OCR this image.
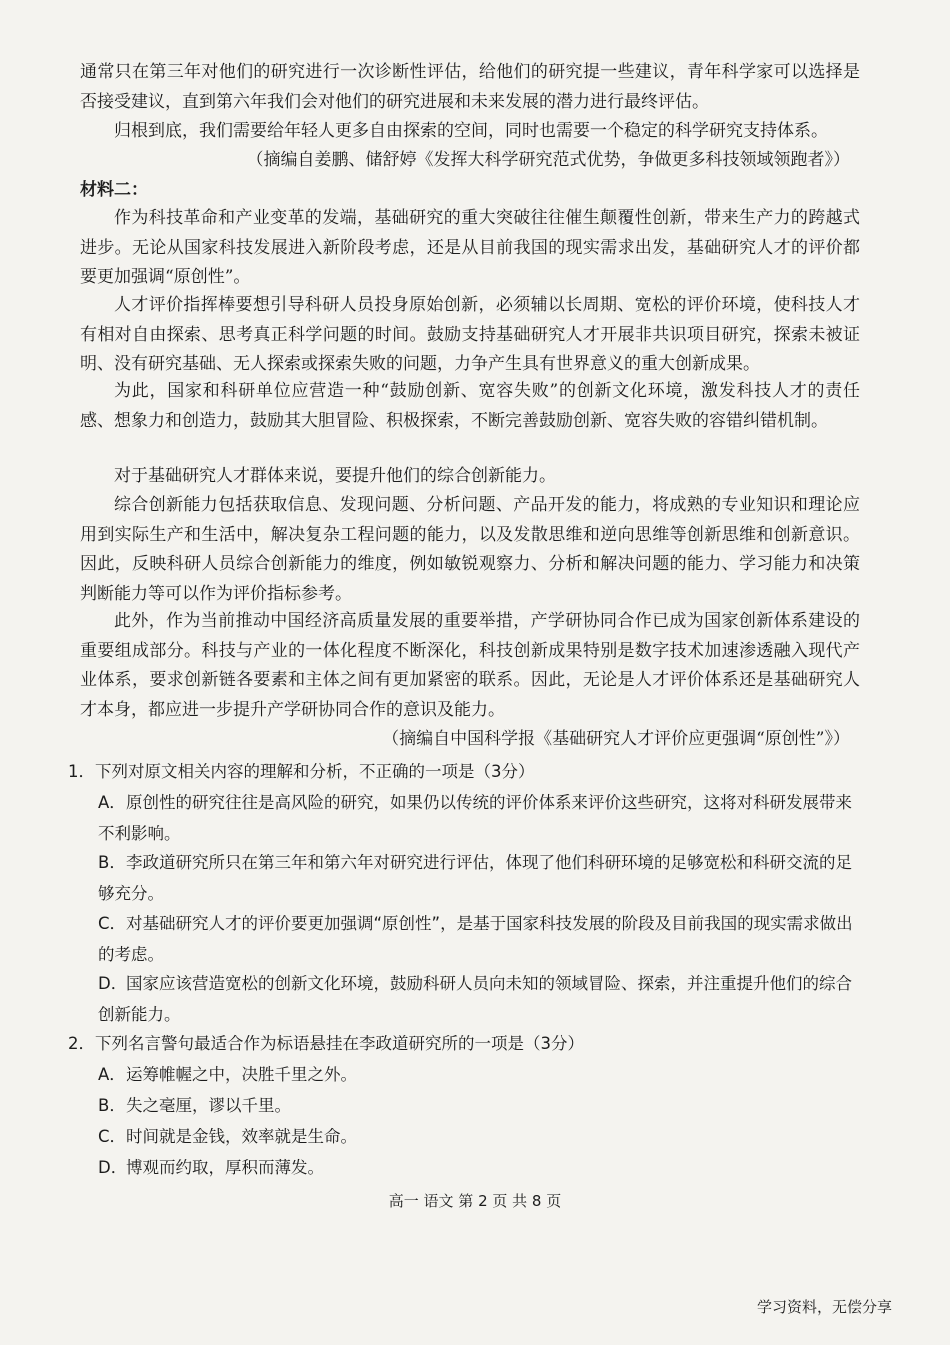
通常只在第三年对他们的研究进行一次诊断性评估，给他们的研究提一些建议，青年科学家可以选择是否接受建议，直到第六年我们会对他们的研究进展和未来发展的潜力进行最终评估。
归根到底，我们需要给年轻人更多自由探索的空间，同时也需要一个稳定的科学研究支持体系。
（摘编自姜鹏、储舒婷《发挥大科学研究范式优势，争做更多科技领域领跑者》）
材料二：
作为科技革命和产业变革的发端，基础研究的重大突破往往催生颠覆性创新，带来生产力的跨越式进步。无论从国家科技发展进入新阶段考虑，还是从目前我国的现实需求出发，基础研究人才的评价都要更加强调“原创性”。
人才评价指挥棒要想引导科研人员投身原始创新，必须辅以长周期、宽松的评价环境，使科技人才有相对自由探索、思考真正科学问题的时间。鼓励支持基础研究人才开展非共识项目研究，探索未被证明、没有研究基础、无人探索或探索失败的问题，力争产生具有世界意义的重大创新成果。
为此，国家和科研单位应营造一种“鼓励创新、宽容失败”的创新文化环境，激发科技人才的责任感、想象力和创造力，鼓励其大胆冒险、积极探索，不断完善鼓励创新、宽容失败的容错纠错机制。
对于基础研究人才群体来说，要提升他们的综合创新能力。
综合创新能力包括获取信息、发现问题、分析问题、产品开发的能力，将成熟的专业知识和理论应用到实际生产和生活中，解决复杂工程问题的能力，以及发散思维和逆向思维等创新思维和创新意识。因此，反映科研人员综合创新能力的维度，例如敏锐观察力、分析和解决问题的能力、学习能力和决策判断能力等可以作为评价指标参考。
此外，作为当前推动中国经济高质量发展的重要举措，产学研协同合作已成为国家创新体系建设的重要组成部分。科技与产业的一体化程度不断深化，科技创新成果特别是数字技术加速渗透融入现代产业体系，要求创新链各要素和主体之间有更加紧密的联系。因此，无论是人才评价体系还是基础研究人才本身，都应进一步提升产学研协同合作的意识及能力。
（摘编自中国科学报《基础研究人才评价应更强调“原创性”》）
1．下列对原文相关内容的理解和分析，不正确的一项是（3分）
A．原创性的研究往往是高风险的研究，如果仍以传统的评价体系来评价这些研究，这将对科研发展带来不利影响。
B．李政道研究所只在第三年和第六年对研究进行评估，体现了他们科研环境的足够宽松和科研交流的足够充分。
C．对基础研究人才的评价要更加强调“原创性”，是基于国家科技发展的阶段及目前我国的现实需求做出的考虑。
D．国家应该营造宽松的创新文化环境，鼓励科研人员向未知的领域冒险、探索，并注重提升他们的综合创新能力。
2．下列名言警句最适合作为标语悬挂在李政道研究所的一项是（3分）
A．运筹帷幄之中，决胜千里之外。
B．失之毫厘，谬以千里。
C．时间就是金钱，效率就是生命。
D．博观而约取，厚积而薄发。
高一 语文 第 2 页 共 8 页
学习资料，无偿分享
